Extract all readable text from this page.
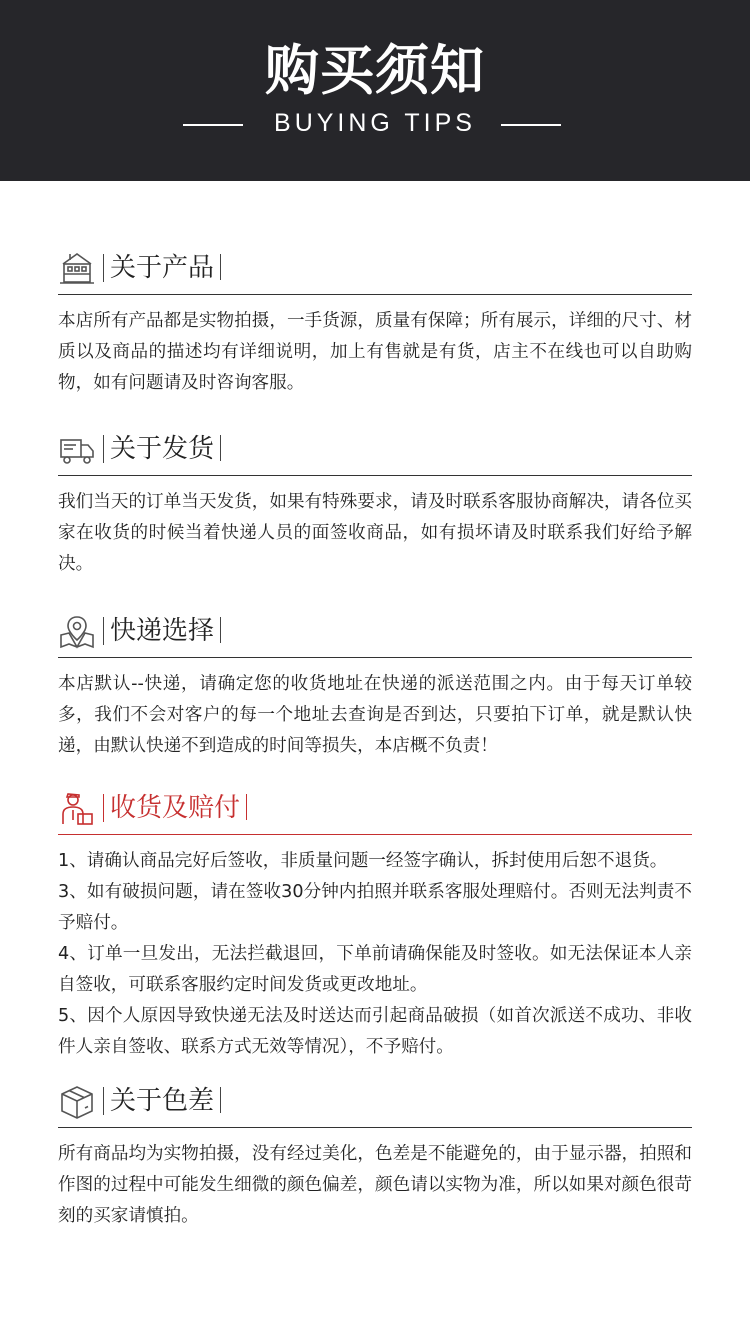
购买须知
BUYING TIPS
关于产品

本店所有产品都是实物拍摄，一手货源，质量有保障；所有展示，详细的尺寸、材质以及商品的描述均有详细说明，加上有售就是有货，店主不在线也可以自助购物，如有问题请及时咨询客服。

关于发货

我们当天的订单当天发货，如果有特殊要求，请及时联系客服协商解决，请各位买家在收货的时候当着快递人员的面签收商品，如有损坏请及时联系我们好给予解决。

快递选择

本店默认--快递，请确定您的收货地址在快递的派送范围之内。由于每天订单较多，我们不会对客户的每一个地址去查询是否到达，只要拍下订单，就是默认快递，由默认快递不到造成的时间等损失，本店概不负责！

收货及赔付

1、请确认商品完好后签收，非质量问题一经签字确认，拆封使用后恕不退货。

3、如有破损问题，请在签收30分钟内拍照并联系客服处理赔付。否则无法判责不予赔付。

4、订单一旦发出，无法拦截退回，下单前请确保能及时签收。如无法保证本人亲自签收，可联系客服约定时间发货或更改地址。

5、因个人原因导致快递无法及时送达而引起商品破损（如首次派送不成功、非收件人亲自签收、联系方式无效等情况），不予赔付。

关于色差

所有商品均为实物拍摄，没有经过美化，色差是不能避免的，由于显示器，拍照和作图的过程中可能发生细微的颜色偏差，颜色请以实物为准，所以如果对颜色很苛刻的买家请慎拍。
